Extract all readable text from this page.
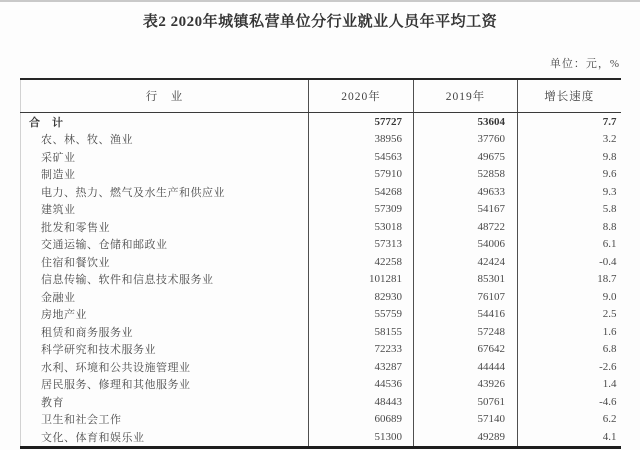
表2 2020年城镇私营单位分行业就业人员年平均工资
单位：元，%
行　业	2020年	2019年	增长速度
合　计	57727	53604	7.7
农、林、牧、渔业	38956	37760	3.2
采矿业	54563	49675	9.8
制造业	57910	52858	9.6
电力、热力、燃气及水生产和供应业	54268	49633	9.3
建筑业	57309	54167	5.8
批发和零售业	53018	48722	8.8
交通运输、仓储和邮政业	57313	54006	6.1
住宿和餐饮业	42258	42424	-0.4
信息传输、软件和信息技术服务业	101281	85301	18.7
金融业	82930	76107	9.0
房地产业	55759	54416	2.5
租赁和商务服务业	58155	57248	1.6
科学研究和技术服务业	72233	67642	6.8
水利、环境和公共设施管理业	43287	44444	-2.6
居民服务、修理和其他服务业	44536	43926	1.4
教育	48443	50761	-4.6
卫生和社会工作	60689	57140	6.2
文化、体育和娱乐业	51300	49289	4.1
